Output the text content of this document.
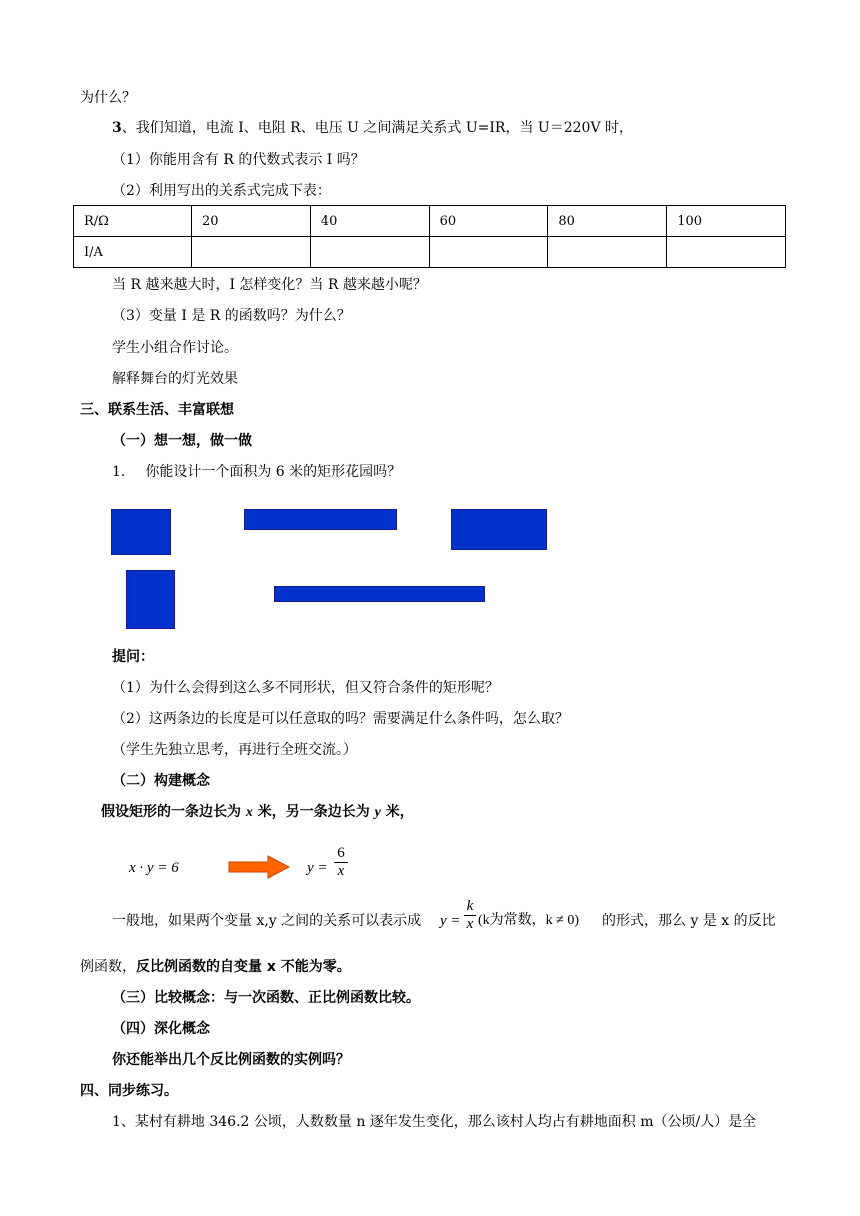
为什么？
3、我们知道，电流 I、电阻 R、电压 U 之间满足关系式 U=IR，当 U＝220V 时，
（1）你能用含有 R 的代数式表示 I 吗？
（2）利用写出的关系式完成下表：
R/Ω	20	40	60	80	100
I/A					
当 R 越来越大时，I 怎样变化？当 R 越来越小呢？
（3）变量 I 是 R 的函数吗？为什么？
学生小组合作讨论。
解释舞台的灯光效果
三、联系生活、丰富联想
（一）想一想，做一做
1. 你能设计一个面积为 6 米的矩形花园吗？
提问：
（1）为什么会得到这么多不同形状，但又符合条件的矩形呢？
（2）这两条边的长度是可以任意取的吗？需要满足什么条件吗，怎么取？
（学生先独立思考，再进行全班交流。）
（二）构建概念
假设矩形的一条边长为 x 米，另一条边长为 y 米，
x · y = 6	y =
6
x
一般地，如果两个变量 x,y 之间的关系可以表示成 y =
k
x (k为常数，k ≠ 0) 的形式，那么 y 是 x 的反比
例函数，反比例函数的自变量 x 不能为零。
（三）比较概念：与一次函数、正比例函数比较。
（四）深化概念
你还能举出几个反比例函数的实例吗？
四、同步练习。
1、某村有耕地 346.2 公顷，人数数量 n 逐年发生变化，那么该村人均占有耕地面积 m（公顷/人）是全
